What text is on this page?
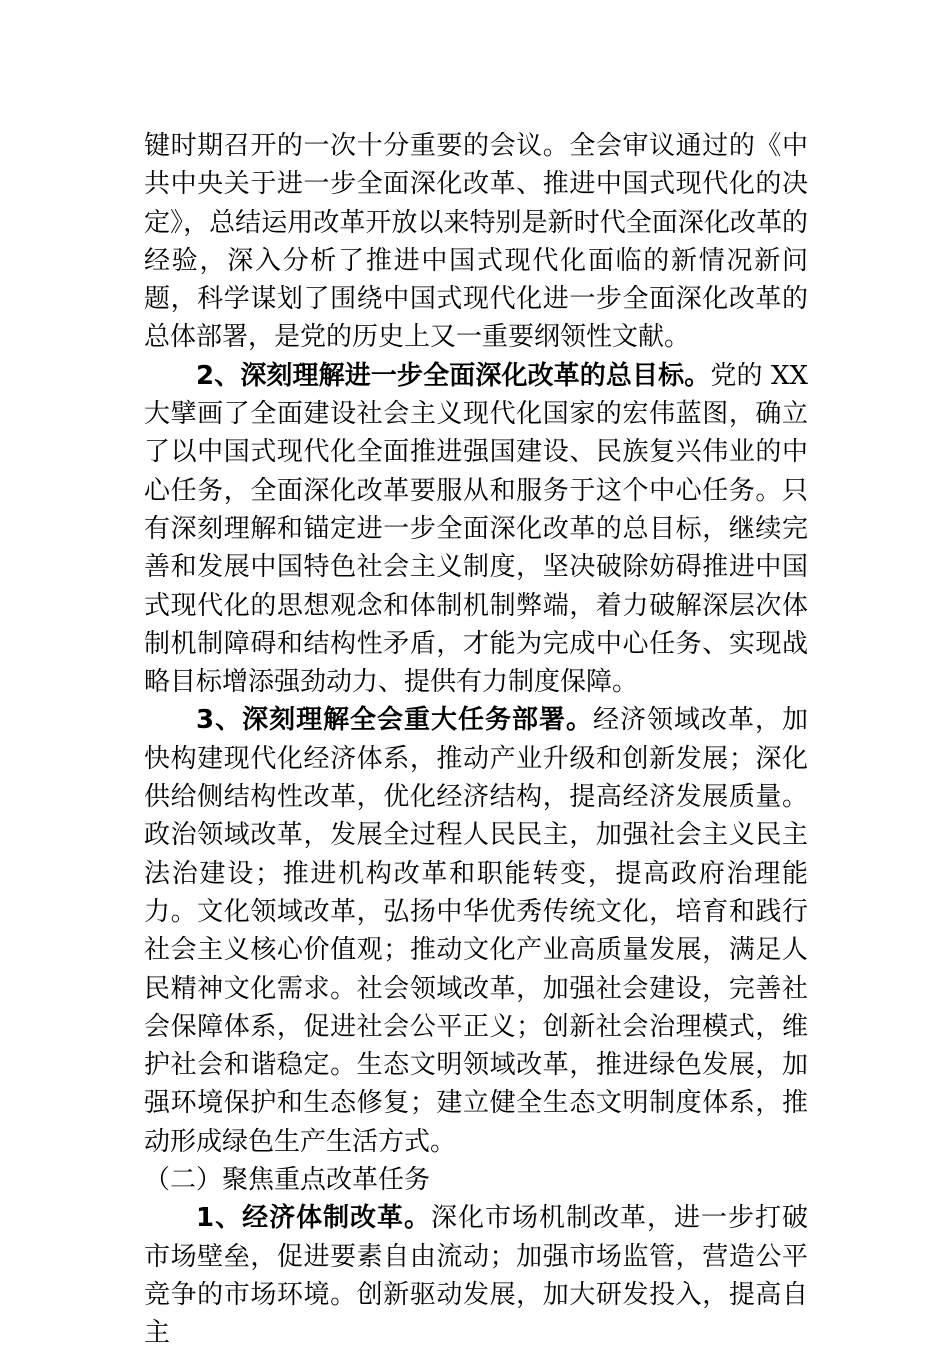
键时期召开的一次十分重要的会议。全会审议通过的《中共中央关于进一步全面深化改革、推进中国式现代化的决定》，总结运用改革开放以来特别是新时代全面深化改革的经验，深入分析了推进中国式现代化面临的新情况新问题，科学谋划了围绕中国式现代化进一步全面深化改革的总体部署，是党的历史上又一重要纲领性文献。

2、深刻理解进一步全面深化改革的总目标。党的 XX大擘画了全面建设社会主义现代化国家的宏伟蓝图，确立了以中国式现代化全面推进强国建设、民族复兴伟业的中心任务，全面深化改革要服从和服务于这个中心任务。只有深刻理解和锚定进一步全面深化改革的总目标，继续完善和发展中国特色社会主义制度，坚决破除妨碍推进中国式现代化的思想观念和体制机制弊端，着力破解深层次体制机制障碍和结构性矛盾，才能为完成中心任务、实现战略目标增添强劲动力、提供有力制度保障。

3、深刻理解全会重大任务部署。经济领域改革，加快构建现代化经济体系，推动产业升级和创新发展；深化供给侧结构性改革，优化经济结构，提高经济发展质量。政治领域改革，发展全过程人民民主，加强社会主义民主法治建设；推进机构改革和职能转变，提高政府治理能力。文化领域改革，弘扬中华优秀传统文化，培育和践行社会主义核心价值观；推动文化产业高质量发展，满足人民精神文化需求。社会领域改革，加强社会建设，完善社会保障体系，促进社会公平正义；创新社会治理模式，维护社会和谐稳定。生态文明领域改革，推进绿色发展，加强环境保护和生态修复；建立健全生态文明制度体系，推动形成绿色生产生活方式。

（二）聚焦重点改革任务

1、经济体制改革。深化市场机制改革，进一步打破市场壁垒，促进要素自由流动；加强市场监管，营造公平竞争的市场环境。创新驱动发展，加大研发投入，提高自主
